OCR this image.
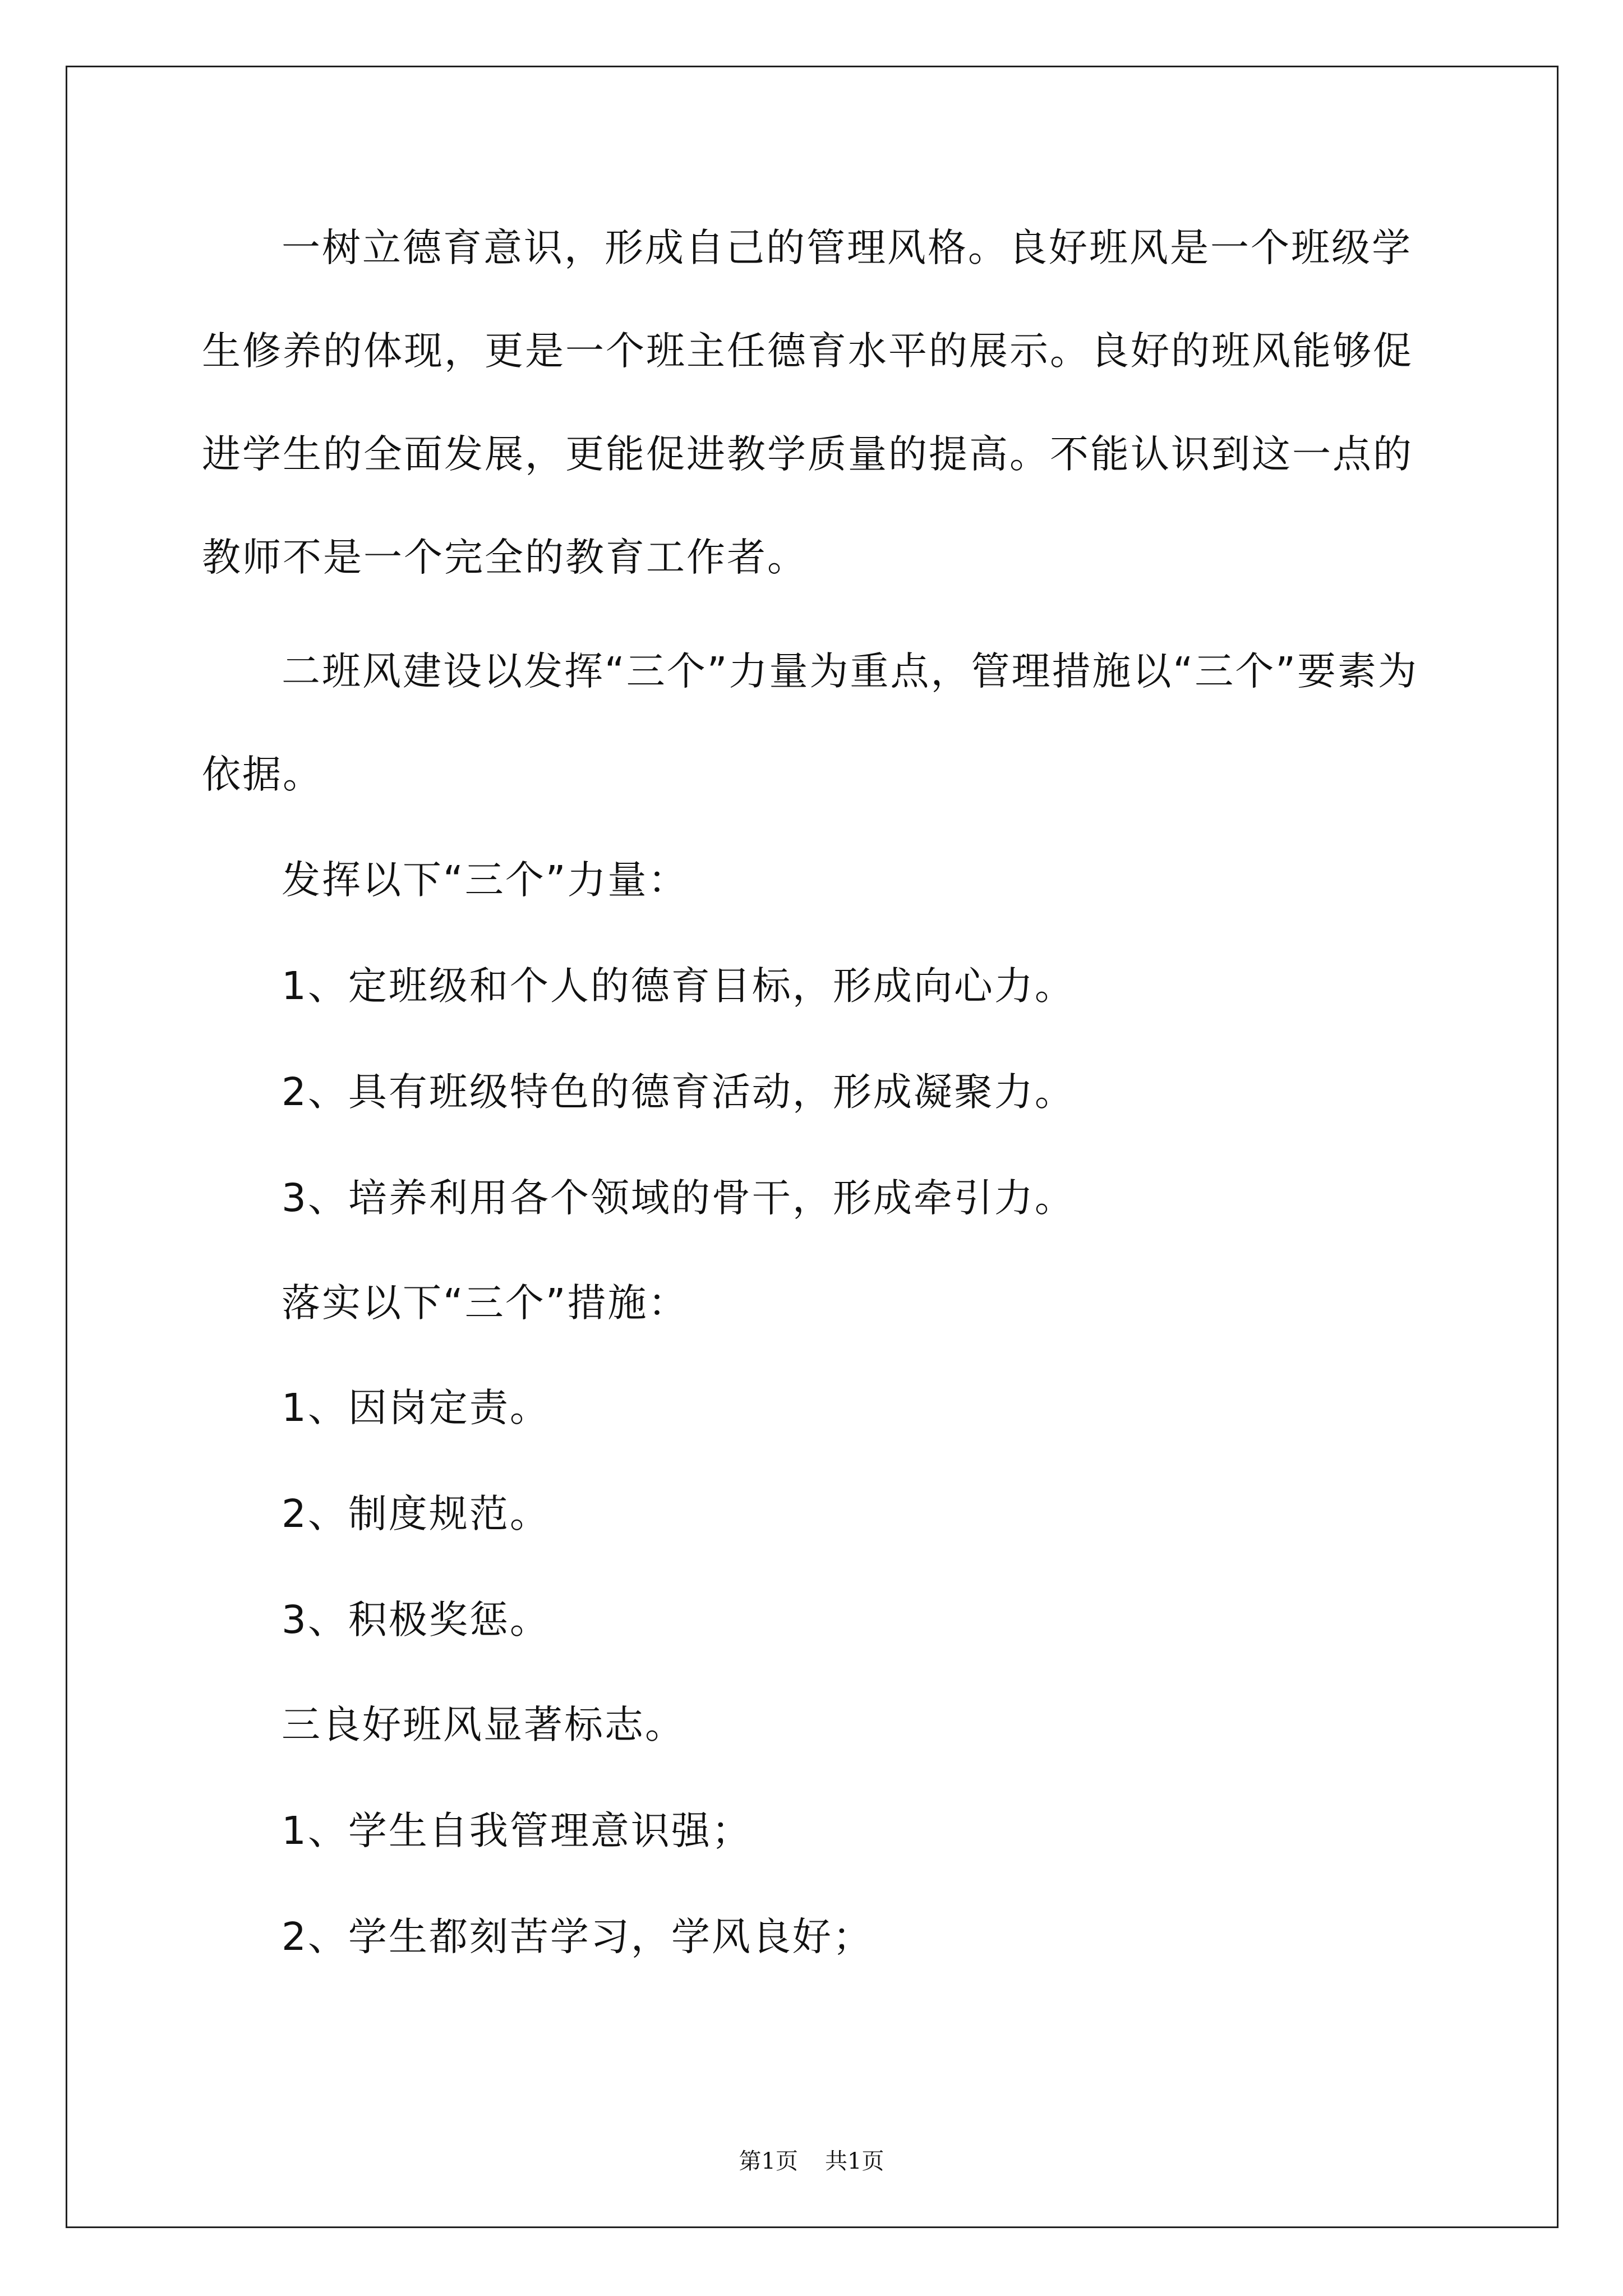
一树立德育意识，形成自己的管理风格。良好班风是一个班级学生修养的体现，更是一个班主任德育水平的展示。良好的班风能够促进学生的全面发展，更能促进教学质量的提高。不能认识到这一点的教师不是一个完全的教育工作者。
二班风建设以发挥“三个”力量为重点，管理措施以“三个”要素为依据。
发挥以下“三个”力量：
1、定班级和个人的德育目标，形成向心力。
2、具有班级特色的德育活动，形成凝聚力。
3、培养利用各个领域的骨干，形成牵引力。
落实以下“三个”措施：
1、因岗定责。
2、制度规范。
3、积极奖惩。
三良好班风显著标志。
1、学生自我管理意识强；
2、学生都刻苦学习，学风良好；
第1页 共1页
